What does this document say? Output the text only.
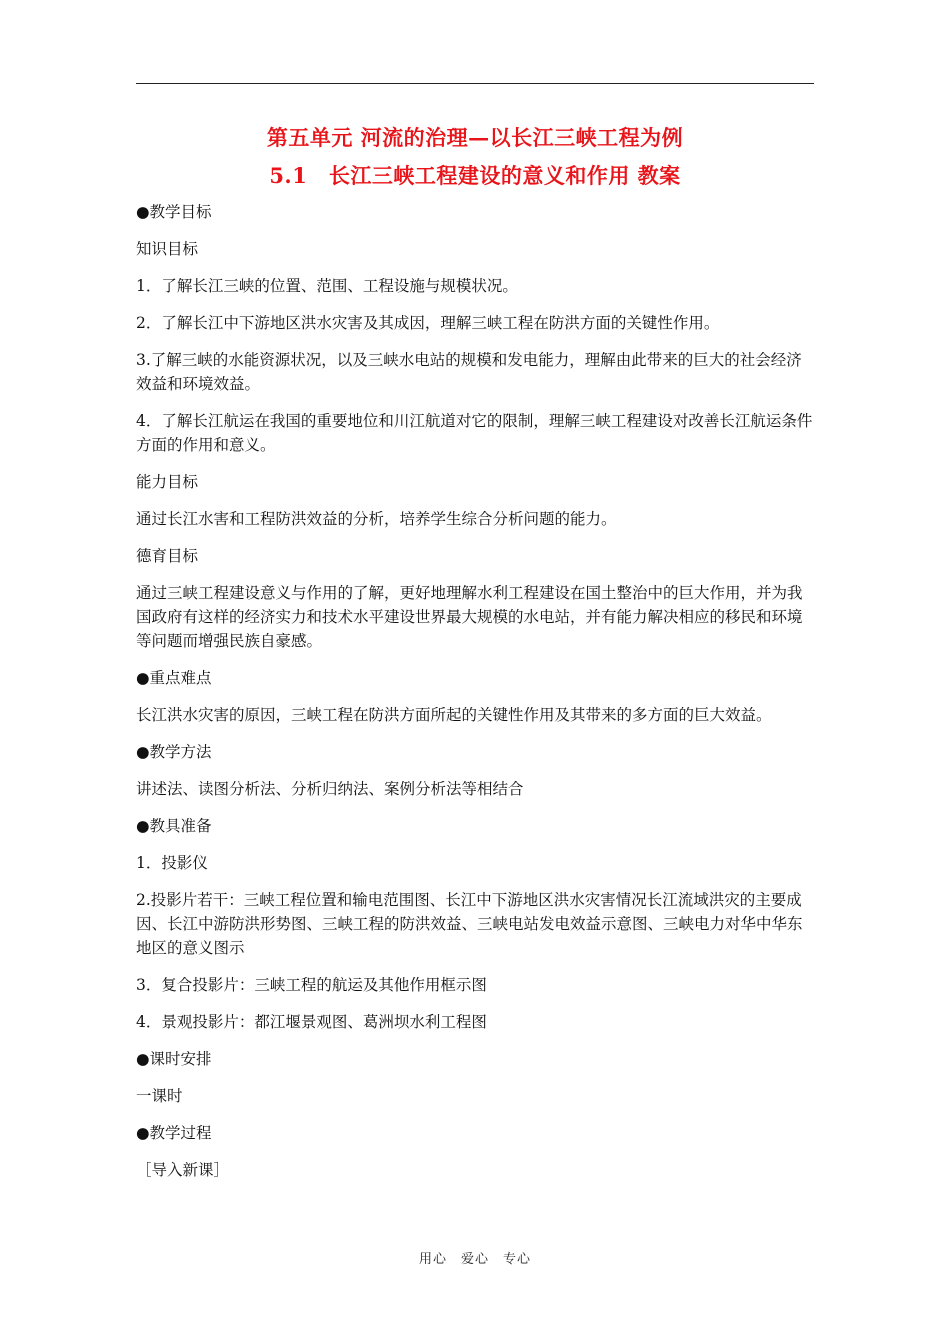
第五单元 河流的治理—以长江三峡工程为例
5.1　长江三峡工程建设的意义和作用 教案

●教学目标

知识目标

1．了解长江三峡的位置、范围、工程设施与规模状况。

2．了解长江中下游地区洪水灾害及其成因，理解三峡工程在防洪方面的关键性作用。

3.了解三峡的水能资源状况，以及三峡水电站的规模和发电能力，理解由此带来的巨大的社会经济效益和环境效益。

4．了解长江航运在我国的重要地位和川江航道对它的限制，理解三峡工程建设对改善长江航运条件方面的作用和意义。

能力目标

通过长江水害和工程防洪效益的分析，培养学生综合分析问题的能力。

德育目标

通过三峡工程建设意义与作用的了解，更好地理解水利工程建设在国土整治中的巨大作用，并为我国政府有这样的经济实力和技术水平建设世界最大规模的水电站，并有能力解决相应的移民和环境等问题而增强民族自豪感。

●重点难点

长江洪水灾害的原因，三峡工程在防洪方面所起的关键性作用及其带来的多方面的巨大效益。

●教学方法

讲述法、读图分析法、分析归纳法、案例分析法等相结合

●教具准备

1．投影仪

2.投影片若干：三峡工程位置和输电范围图、长江中下游地区洪水灾害情况长江流域洪灾的主要成因、长江中游防洪形势图、三峡工程的防洪效益、三峡电站发电效益示意图、三峡电力对华中华东地区的意义图示

3．复合投影片：三峡工程的航运及其他作用框示图

4．景观投影片：都江堰景观图、葛洲坝水利工程图

●课时安排

一课时

●教学过程

［导入新课］

用心　爱心　专心
